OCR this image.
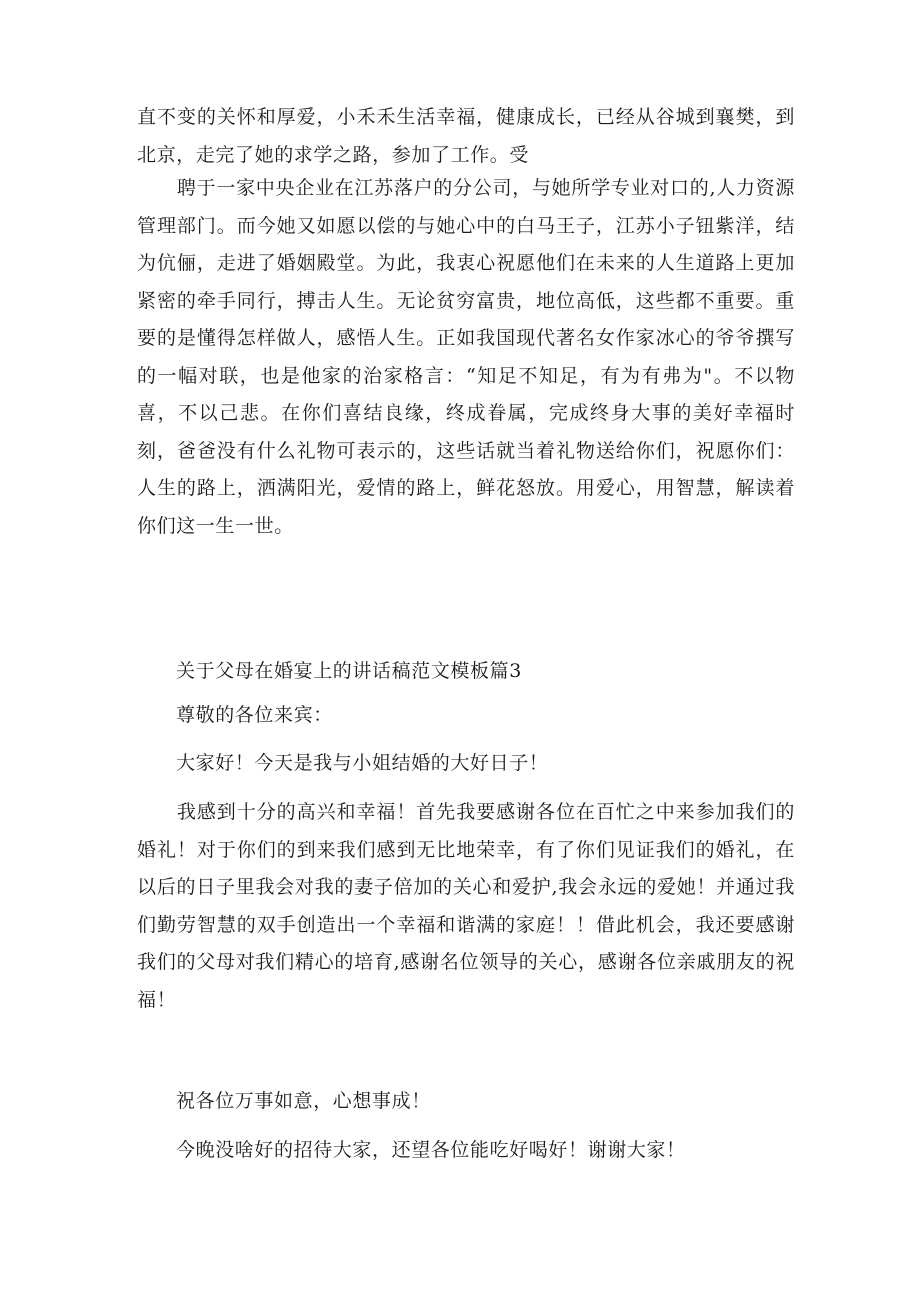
直不变的关怀和厚爱，小禾禾生活幸福，健康成长，已经从谷城到襄樊，到北京，走完了她的求学之路，参加了工作。受

聘于一家中央企业在江苏落户的分公司，与她所学专业对口的,人力资源管理部门。而今她又如愿以偿的与她心中的白马王子，江苏小子钮紫洋，结为伉俪，走进了婚姻殿堂。为此，我衷心祝愿他们在未来的人生道路上更加紧密的牵手同行，搏击人生。无论贫穷富贵，地位高低，这些都不重要。重要的是懂得怎样做人，感悟人生。正如我国现代著名女作家冰心的爷爷撰写的一幅对联，也是他家的治家格言：“知足不知足，有为有弗为"。不以物喜，不以己悲。在你们喜结良缘，终成眷属，完成终身大事的美好幸福时刻，爸爸没有什么礼物可表示的，这些话就当着礼物送给你们，祝愿你们：人生的路上，洒满阳光，爱情的路上，鲜花怒放。用爱心，用智慧，解读着你们这一生一世。

关于父母在婚宴上的讲话稿范文模板篇3

尊敬的各位来宾：

大家好！今天是我与小姐结婚的大好日子！

我感到十分的高兴和幸福！首先我要感谢各位在百忙之中来参加我们的婚礼！对于你们的到来我们感到无比地荣幸，有了你们见证我们的婚礼，在以后的日子里我会对我的妻子倍加的关心和爱护,我会永远的爱她！并通过我们勤劳智慧的双手创造出一个幸福和谐满的家庭！！借此机会，我还要感谢我们的父母对我们精心的培育,感谢名位领导的关心，感谢各位亲戚朋友的祝福！

祝各位万事如意，心想事成！

今晚没啥好的招待大家，还望各位能吃好喝好！谢谢大家！
